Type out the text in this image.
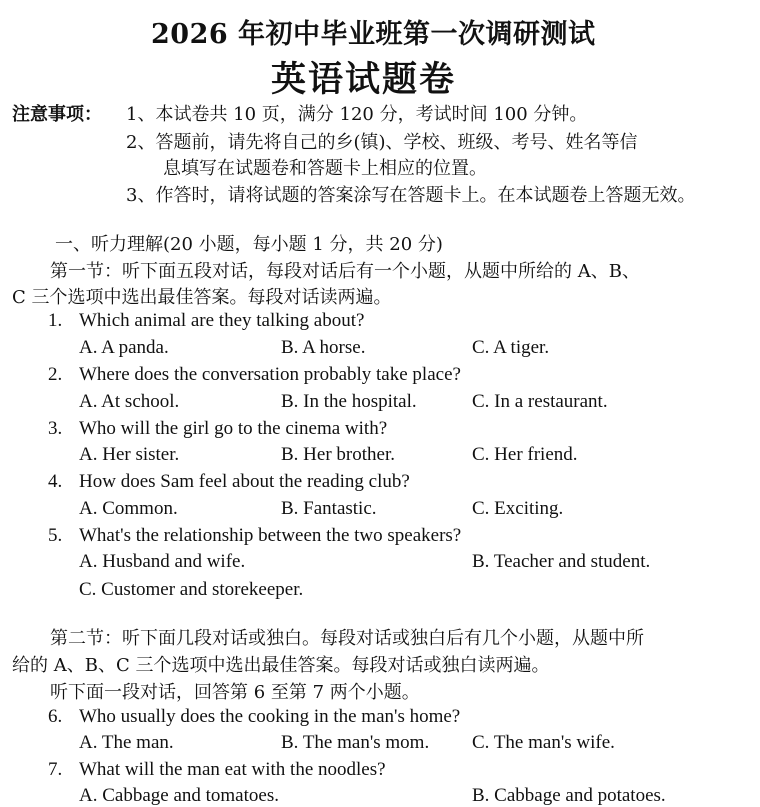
2026 年初中毕业班第一次调研测试
英语试题卷
注意事项： 1、本试卷共 10 页，满分 120 分，考试时间 100 分钟。
2、答题前，请先将自己的乡(镇)、学校、班级、考号、姓名等信
息填写在试题卷和答题卡上相应的位置。
3、作答时，请将试题的答案涂写在答题卡上。在本试题卷上答题无效。
一、听力理解(20 小题，每小题 1 分，共 20 分)
第一节：听下面五段对话，每段对话后有一个小题，从题中所给的 A、B、
C 三个选项中选出最佳答案。每段对话读两遍。
1. Which animal are they talking about?
A. A panda.	B. A horse.	C. A tiger.
2. Where does the conversation probably take place?
A. At school.	B. In the hospital.	C. In a restaurant.
3. Who will the girl go to the cinema with?
A. Her sister.	B. Her brother.	C. Her friend.
4. How does Sam feel about the reading club?
A. Common.	B. Fantastic.	C. Exciting.
5. What's the relationship between the two speakers?
A. Husband and wife.	B. Teacher and student.
C. Customer and storekeeper.
第二节：听下面几段对话或独白。每段对话或独白后有几个小题，从题中所
给的 A、B、C 三个选项中选出最佳答案。每段对话或独白读两遍。
听下面一段对话，回答第 6 至第 7 两个小题。
6. Who usually does the cooking in the man's home?
A. The man.	B. The man's mom. C. The man's wife.
7. What will the man eat with the noodles?
A. Cabbage and tomatoes.	B. Cabbage and potatoes.
